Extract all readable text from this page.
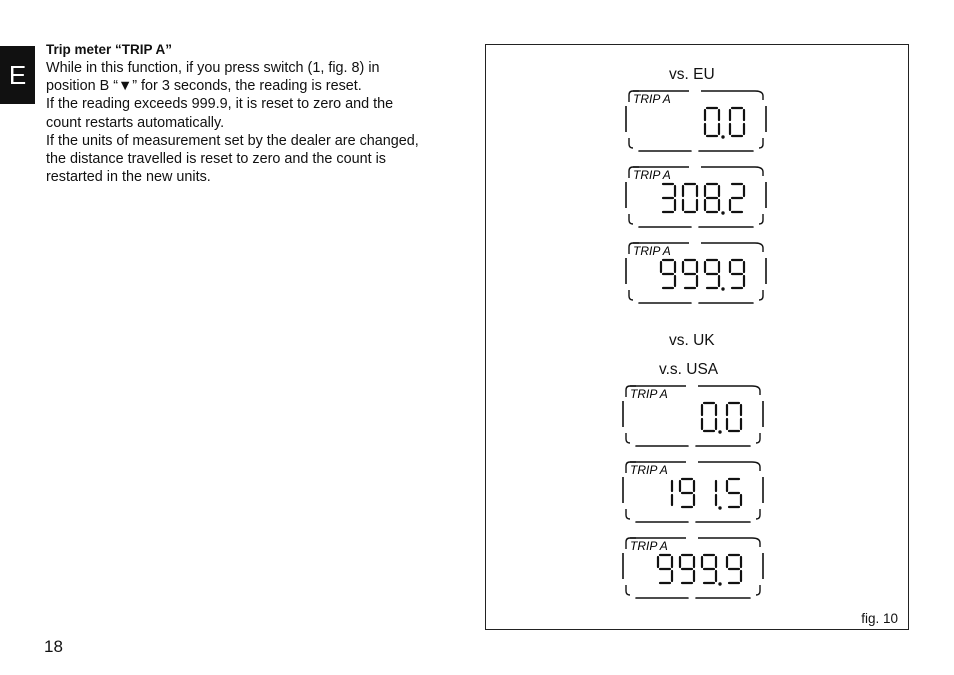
E
Trip meter “TRIP A”

While in this function, if you press switch (1, fig. 8) in

position B “▼” for 3 seconds, the reading is reset.

If the reading exceeds 999.9, it is reset to zero and the

count restarts automatically.

If the units of measurement set by the dealer are changed,

the distance travelled is reset to zero and the count is

restarted in the new units.

18
vs. EU
vs. UK
v.s. USA
TRIP A
TRIP A
TRIP A
TRIP A
TRIP A
TRIP A
fig. 10
